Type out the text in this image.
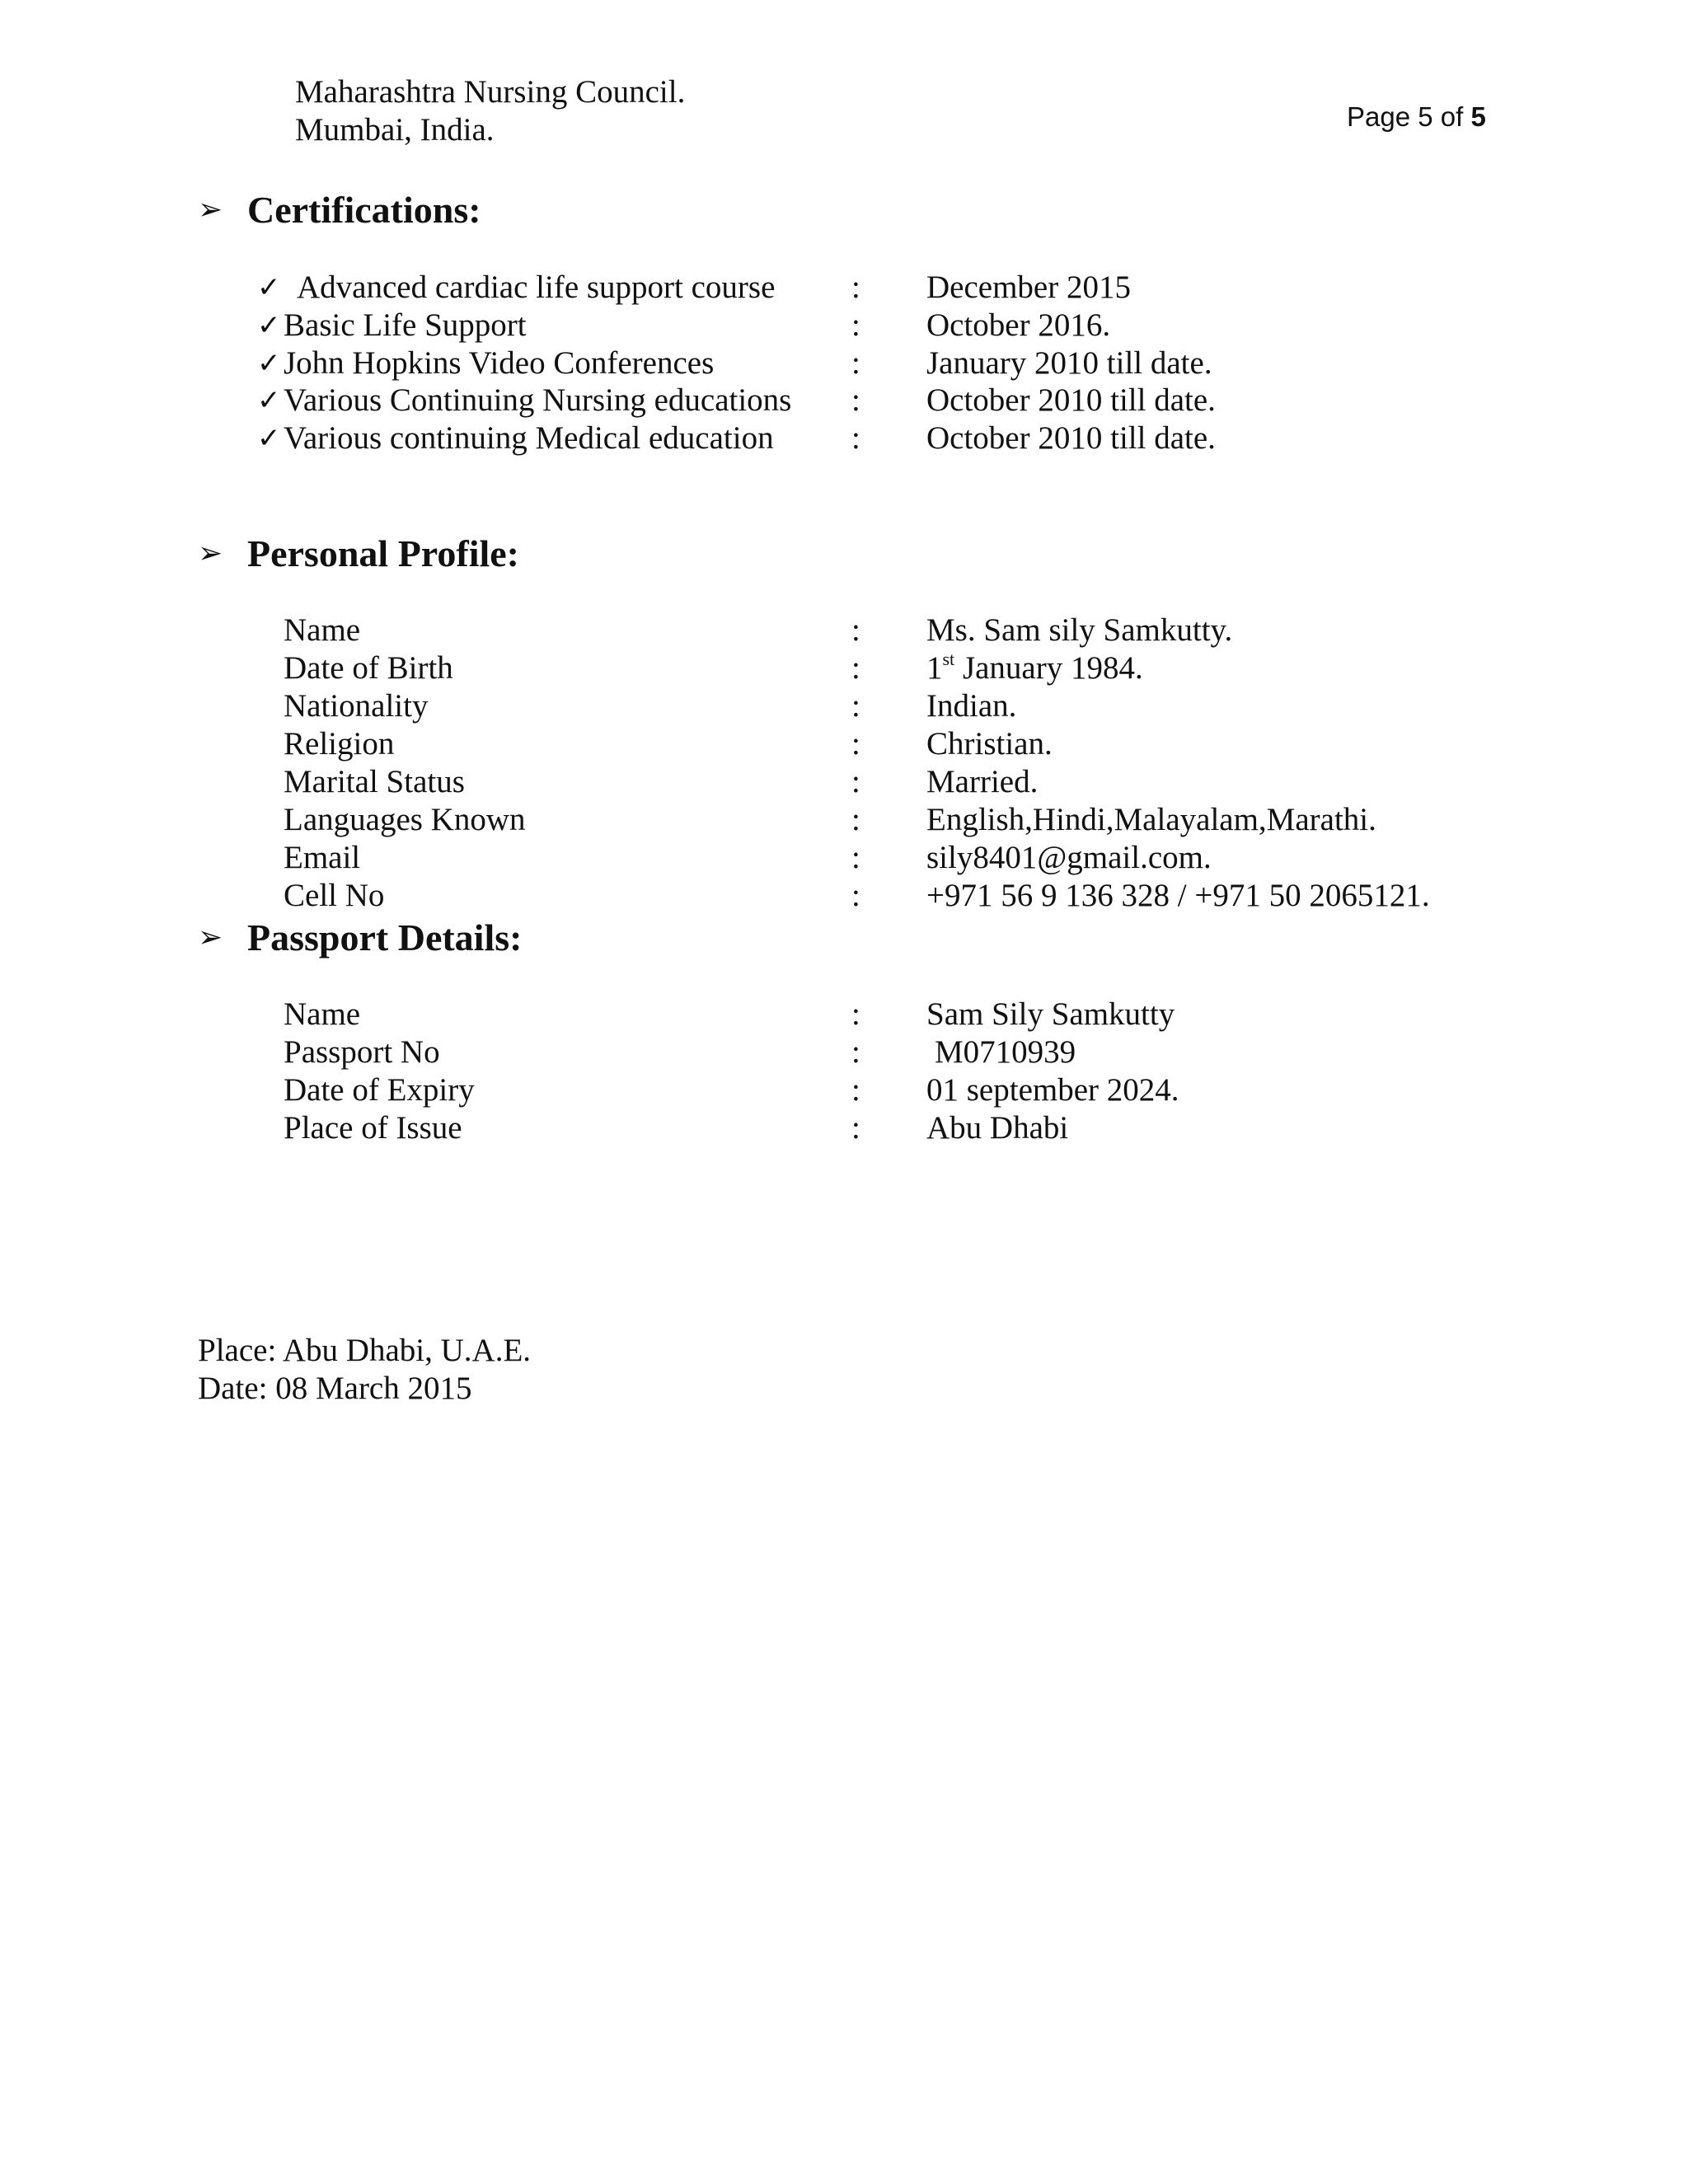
Maharashtra Nursing Council.
Mumbai, India.	Page 5 of 5
➢ Certifications:
✓ Advanced cardiac life support course : December 2015
✓ Basic Life Support	: October 2016.
✓ John Hopkins Video Conferences	: January 2010 till date.
✓ Various Continuing Nursing educations : October 2010 till date.
✓ Various continuing Medical education : October 2010 till date.
➢ Personal Profile:
Name	: Ms. Sam sily Samkutty.
Date of Birth	: 1st January 1984.
Nationality	: Indian.
Religion	: Christian.
Marital Status	: Married.
Languages Known	: English,Hindi,Malayalam,Marathi.
Email	: sily8401@gmail.com.
Cell No	: +971 56 9 136 328 / +971 50 2065121.
➢ Passport Details:
Name	: Sam Sily Samkutty
Passport No	: M0710939
Date of Expiry	: 01 september 2024.
Place of Issue	: Abu Dhabi
Place: Abu Dhabi, U.A.E.
Date: 08 March 2015
